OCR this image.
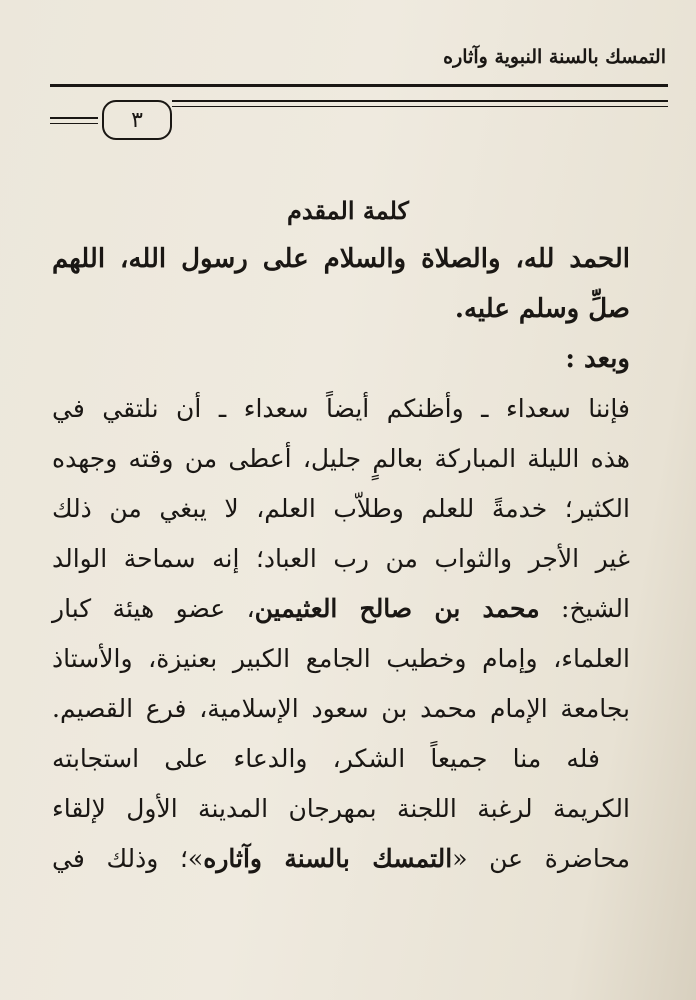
التمسك بالسنة النبوية وآثاره
٣
كلمة المقدم
الحمد لله، والصلاة والسلام على رسول الله، اللهم
صلِّ وسلم عليه.
وبعد :
فإننا سعداء ـ وأظنكم أيضاً سعداء ـ أن نلتقي في
هذه الليلة المباركة بعالمٍ جليل، أعطى من وقته وجهده
الكثير؛ خدمةً للعلم وطلاّب العلم، لا يبغي من ذلك
غير الأجر والثواب من رب العباد؛ إنه سماحة الوالد
الشيخ: محمد بن صالح العثيمين، عضو هيئة كبار
العلماء، وإمام وخطيب الجامع الكبير بعنيزة، والأستاذ
بجامعة الإمام محمد بن سعود الإسلامية، فرع القصيم.
فله منا جميعاً الشكر، والدعاء على استجابته
الكريمة لرغبة اللجنة بمهرجان المدينة الأول لإلقاء
محاضرة عن «التمسك بالسنة وآثاره»؛ وذلك في
